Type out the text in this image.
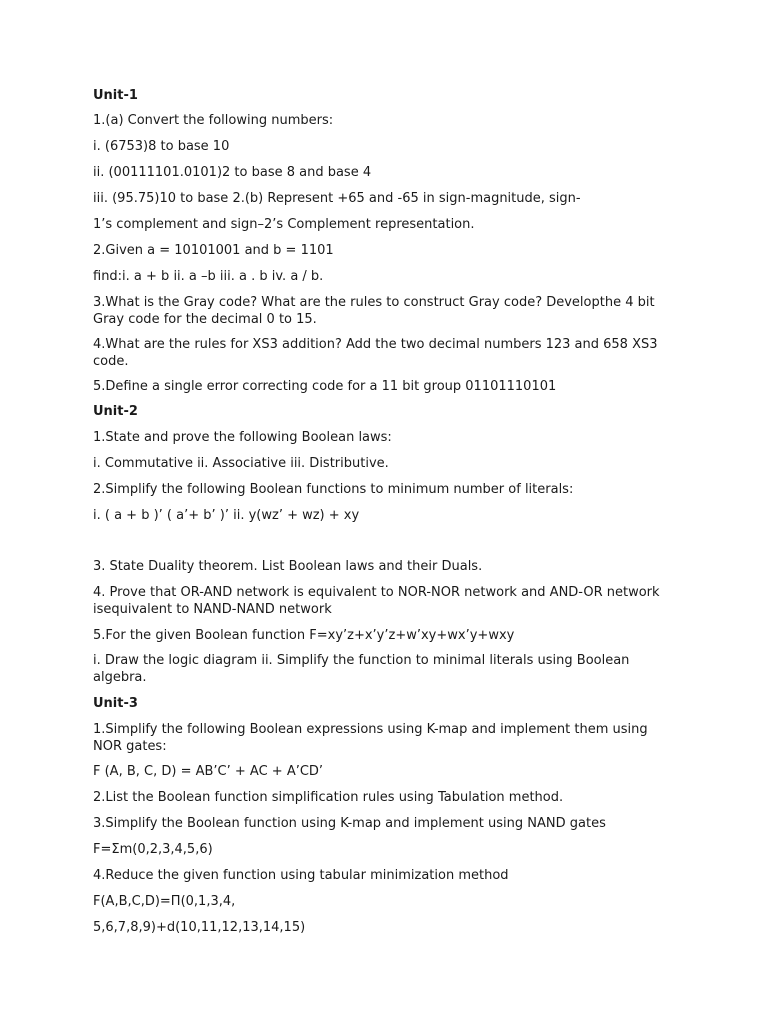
Unit-1

1.(a) Convert the following numbers:

i. (6753)8 to base 10

ii. (00111101.0101)2 to base 8 and base 4

iii. (95.75)10 to base 2.(b) Represent +65 and -65 in sign-magnitude, sign-

1’s complement and sign–2’s Complement representation.

2.Given a = 10101001 and b = 1101

find:i. a + b ii. a –b iii. a . b iv. a / b.

3.What is the Gray code? What are the rules to construct Gray code? Developthe 4 bit Gray code for the decimal 0 to 15.

4.What are the rules for XS3 addition? Add the two decimal numbers 123 and 658 XS3 code.

5.Define a single error correcting code for a 11 bit group 01101110101

Unit-2

1.State and prove the following Boolean laws:

i. Commutative ii. Associative iii. Distributive.

2.Simplify the following Boolean functions to minimum number of literals:

i. ( a + b )’ ( a’+ b’ )’ ii. y(wz’ + wz) + xy

3. State Duality theorem. List Boolean laws and their Duals.

4. Prove that OR-AND network is equivalent to NOR-NOR network and AND-OR network isequivalent to NAND-NAND network

5.For the given Boolean function F=xy’z+x’y’z+w’xy+wx’y+wxy

i. Draw the logic diagram ii. Simplify the function to minimal literals using Boolean algebra.

Unit-3

1.Simplify the following Boolean expressions using K-map and implement them using NOR gates:

F (A, B, C, D) = AB’C’ + AC + A’CD’

2.List the Boolean function simplification rules using Tabulation method.

3.Simplify the Boolean function using K-map and implement using NAND gates

F=Σm(0,2,3,4,5,6)

4.Reduce the given function using tabular minimization method

F(A,B,C,D)=Π(0,1,3,4,

5,6,7,8,9)+d(10,11,12,13,14,15)
